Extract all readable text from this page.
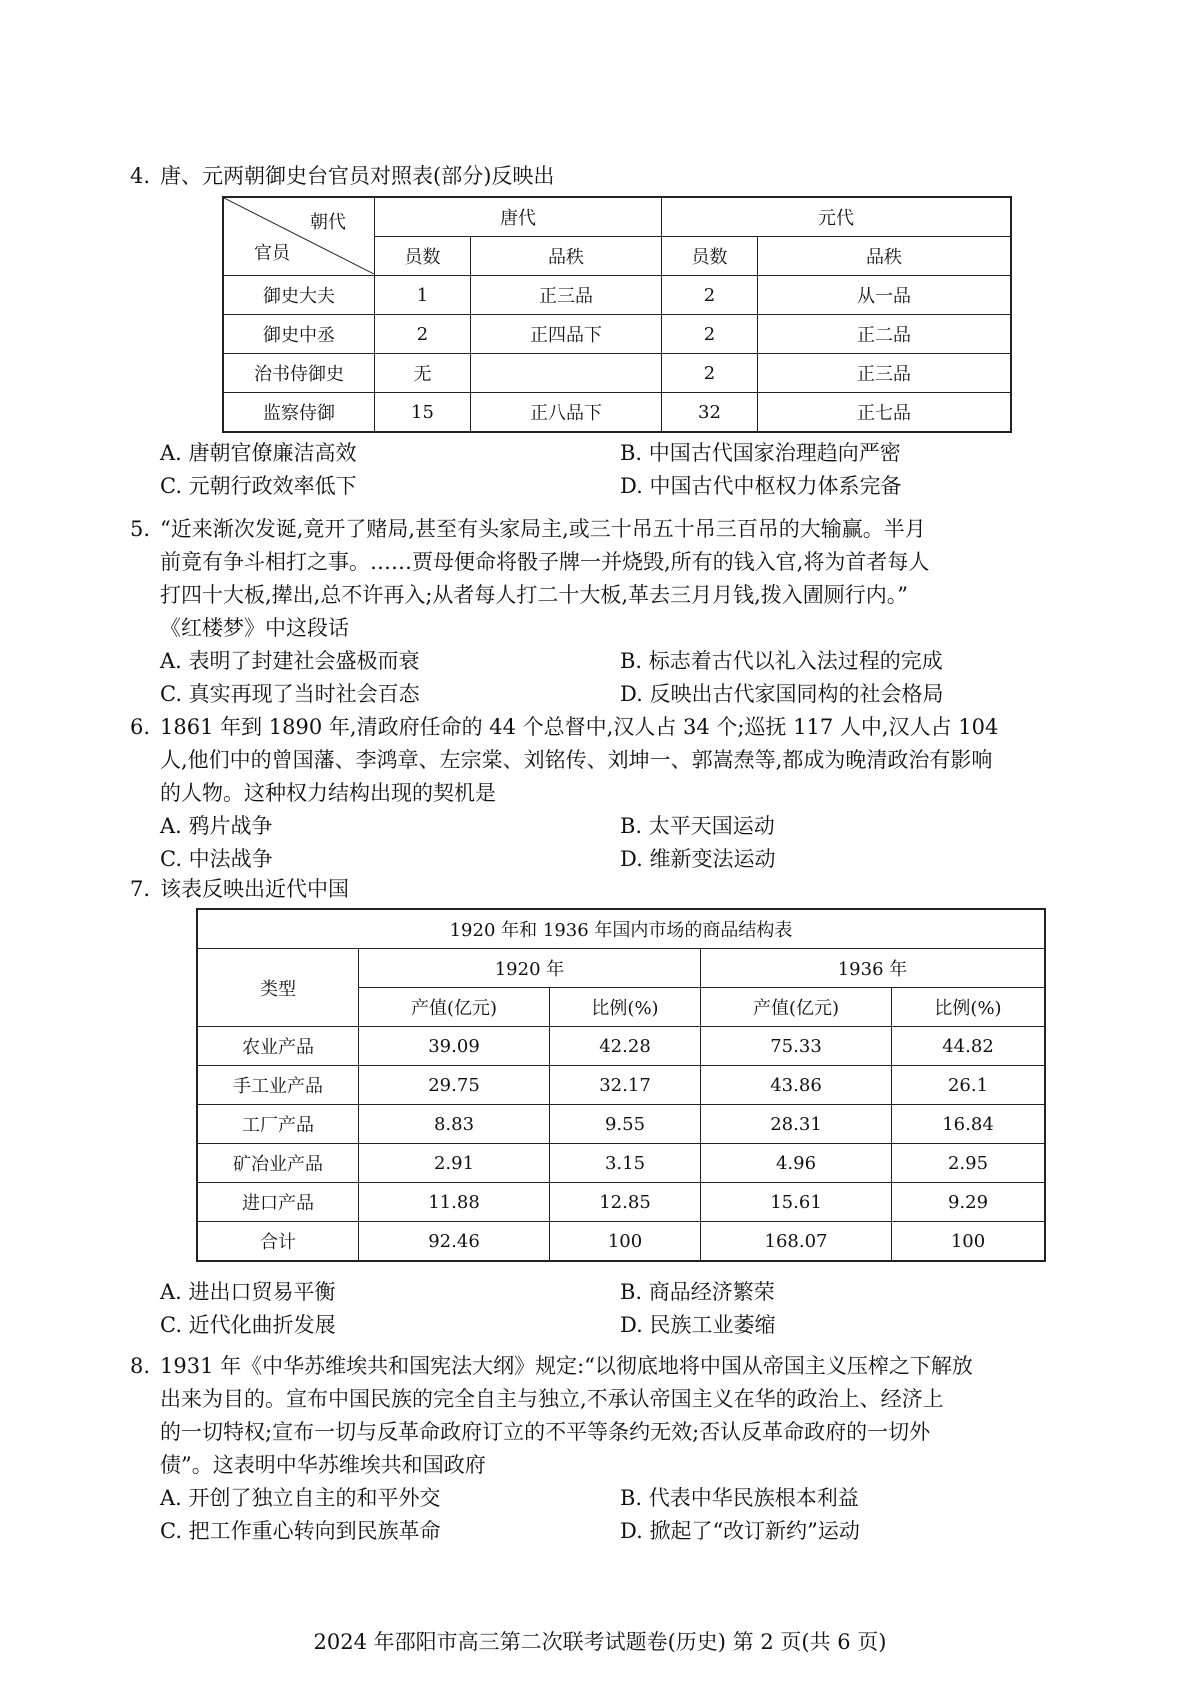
4. 唐、元两朝御史台官员对照表(部分)反映出

朝代
官员	唐代		元代	
	员数	品秩	员数	品秩
御史大夫	1	正三品	2	从一品
御史中丞	2	正四品下	2	正二品
治书侍御史	无		2	正三品
监察侍御	15	正八品下	32	正七品
A. 唐朝官僚廉洁高效	B. 中国古代国家治理趋向严密
C. 元朝行政效率低下	D. 中国古代中枢权力体系完备
5. “近来渐次发诞,竟开了赌局,甚至有头家局主,或三十吊五十吊三百吊的大输赢。半月

前竟有争斗相打之事。……贾母便命将骰子牌一并烧毁,所有的钱入官,将为首者每人

打四十大板,撵出,总不许再入;从者每人打二十大板,革去三月月钱,拨入圊厕行内。”

《红楼梦》中这段话

A. 表明了封建社会盛极而衰	B. 标志着古代以礼入法过程的完成
C. 真实再现了当时社会百态	D. 反映出古代家国同构的社会格局
6. 1861 年到 1890 年,清政府任命的 44 个总督中,汉人占 34 个;巡抚 117 人中,汉人占 104

人,他们中的曾国藩、李鸿章、左宗棠、刘铭传、刘坤一、郭嵩焘等,都成为晚清政治有影响

的人物。这种权力结构出现的契机是

A. 鸦片战争	B. 太平天国运动
C. 中法战争	D. 维新变法运动
7. 该表反映出近代中国

1920 年和 1936 年国内市场的商品结构表				
类型	1920 年		1936 年	
	产值(亿元)	比例(%)	产值(亿元)	比例(%)
农业产品	39.09	42.28	75.33	44.82
手工业产品	29.75	32.17	43.86	26.1
工厂产品	8.83	9.55	28.31	16.84
矿冶业产品	2.91	3.15	4.96	2.95
进口产品	11.88	12.85	15.61	9.29
合计	92.46	100	168.07	100
A. 进出口贸易平衡	B. 商品经济繁荣
C. 近代化曲折发展	D. 民族工业萎缩
8. 1931 年《中华苏维埃共和国宪法大纲》规定:“以彻底地将中国从帝国主义压榨之下解放

出来为目的。宣布中国民族的完全自主与独立,不承认帝国主义在华的政治上、经济上

的一切特权;宣布一切与反革命政府订立的不平等条约无效;否认反革命政府的一切外

债”。这表明中华苏维埃共和国政府

A. 开创了独立自主的和平外交	B. 代表中华民族根本利益
C. 把工作重心转向到民族革命	D. 掀起了“改订新约”运动
2024 年邵阳市高三第二次联考试题卷(历史) 第 2 页(共 6 页)
